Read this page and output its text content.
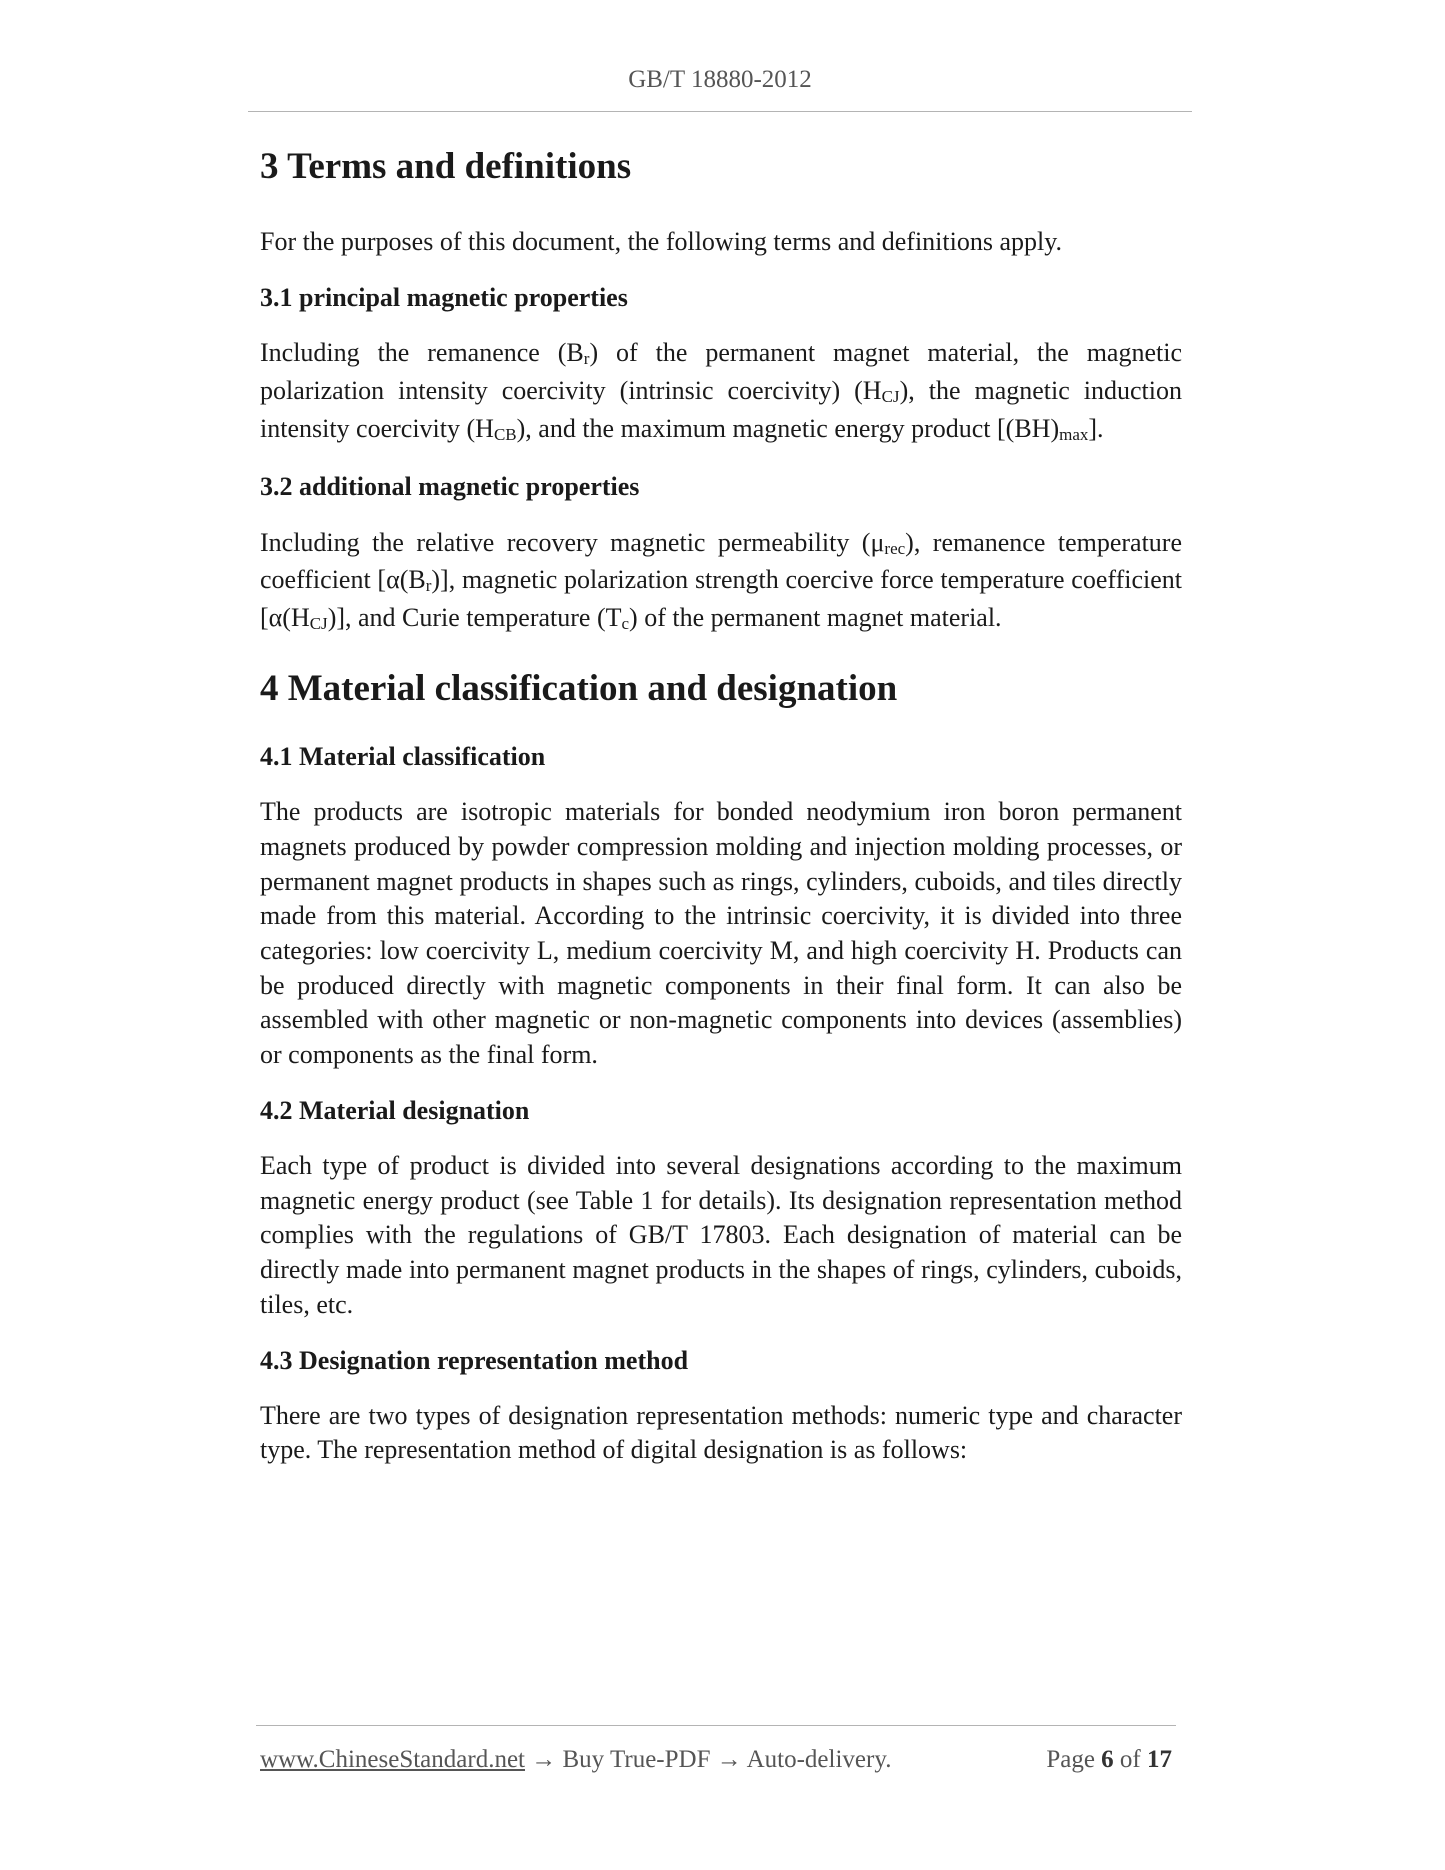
GB/T 18880-2012
3 Terms and definitions

For the purposes of this document, the following terms and definitions apply.

3.1 principal magnetic properties

Including the remanence (Br) of the permanent magnet material, the magnetic polarization intensity coercivity (intrinsic coercivity) (HCJ), the magnetic induction intensity coercivity (HCB), and the maximum magnetic energy product [(BH)max].

3.2 additional magnetic properties

Including the relative recovery magnetic permeability (μrec), remanence temperature coefficient [α(Br)], magnetic polarization strength coercive force temperature coefficient [α(HCJ)], and Curie temperature (Tc) of the permanent magnet material.

4 Material classification and designation
4.1 Material classification

The products are isotropic materials for bonded neodymium iron boron permanent magnets produced by powder compression molding and injection molding processes, or permanent magnet products in shapes such as rings, cylinders, cuboids, and tiles directly made from this material. According to the intrinsic coercivity, it is divided into three categories: low coercivity L, medium coercivity M, and high coercivity H. Products can be produced directly with magnetic components in their final form. It can also be assembled with other magnetic or non-magnetic components into devices (assemblies) or components as the final form.

4.2 Material designation

Each type of product is divided into several designations according to the maximum magnetic energy product (see Table 1 for details). Its designation representation method complies with the regulations of GB/T 17803. Each designation of material can be directly made into permanent magnet products in the shapes of rings, cylinders, cuboids, tiles, etc.

4.3 Designation representation method

There are two types of designation representation methods: numeric type and character type. The representation method of digital designation is as follows:

www.ChineseStandard.net → Buy True-PDF → Auto-delivery.	Page 6 of 17
